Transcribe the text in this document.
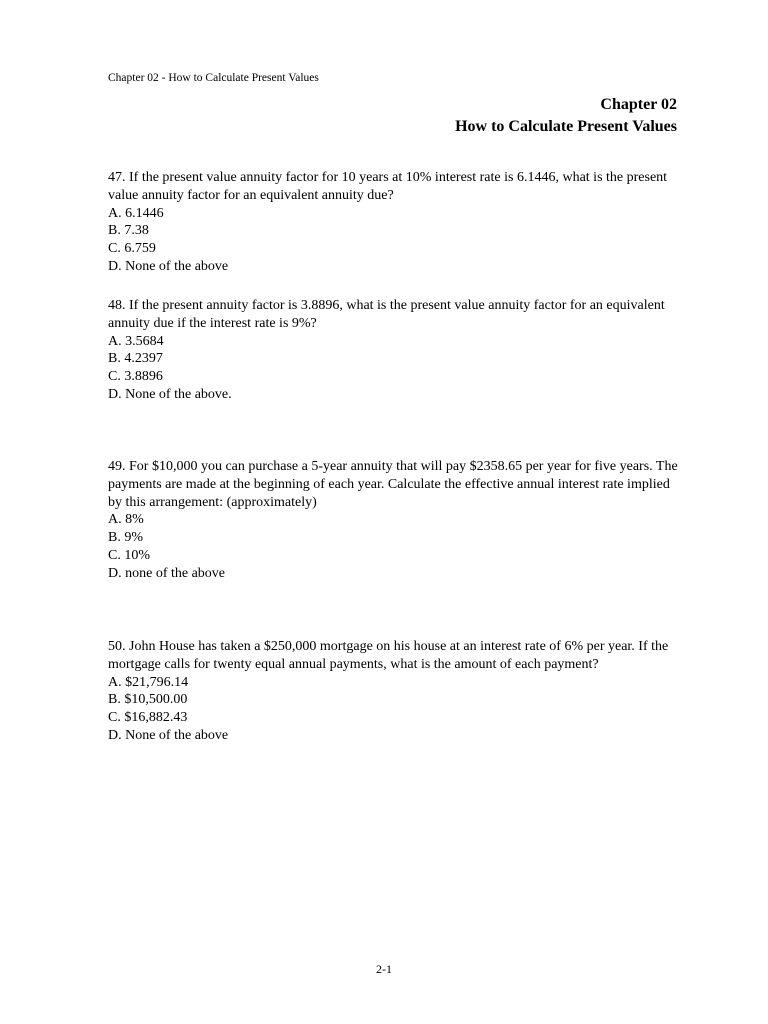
Chapter 02 - How to Calculate Present Values
Chapter 02
How to Calculate Present Values

47. If the present value annuity factor for 10 years at 10% interest rate is 6.1446, what is the present value annuity factor for an equivalent annuity due?

A. 6.1446
B. 7.38
C. 6.759
D. None of the above

48. If the present annuity factor is 3.8896, what is the present value annuity factor for an equivalent annuity due if the interest rate is 9%?

A. 3.5684
B. 4.2397
C. 3.8896
D. None of the above.

49. For $10,000 you can purchase a 5-year annuity that will pay $2358.65 per year for five years. The payments are made at the beginning of each year. Calculate the effective annual interest rate implied by this arrangement: (approximately)

A. 8%
B. 9%
C. 10%
D. none of the above

50. John House has taken a $250,000 mortgage on his house at an interest rate of 6% per year. If the mortgage calls for twenty equal annual payments, what is the amount of each payment?

A. $21,796.14
B. $10,500.00
C. $16,882.43
D. None of the above
2-1
